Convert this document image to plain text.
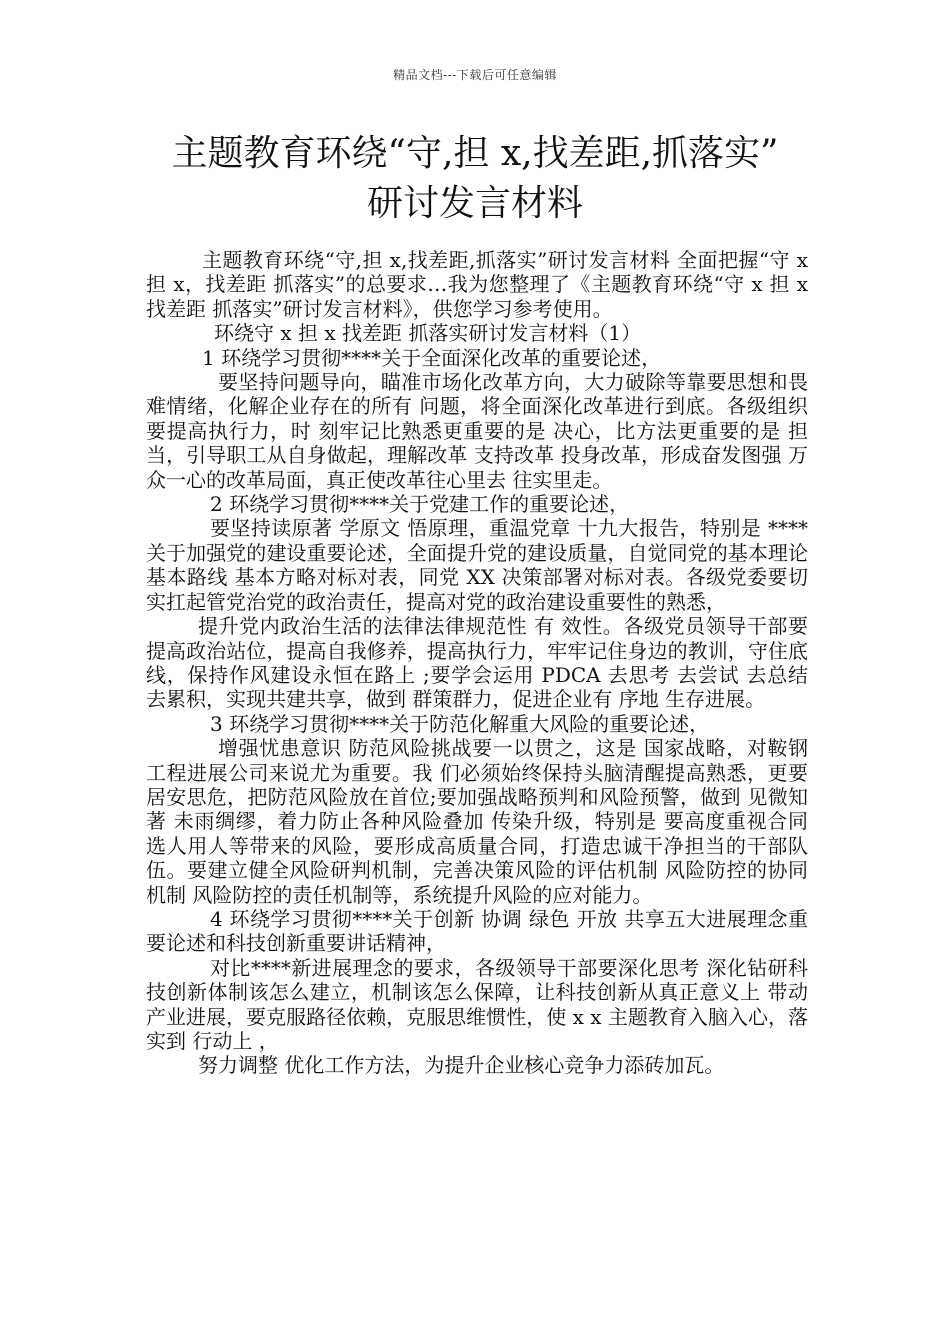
精品文档---下载后可任意编辑
主题教育环绕“守,担 x,找差距,抓落实”
研讨发言材料

主题教育环绕“守,担 x,找差距,抓落实”研讨发言材料 全面把握“守 x 担 x，找差距 抓落实”的总要求…我为您整理了《主题教育环绕“守 x 担 x 找差距 抓落实”研讨发言材料》，供您学习参考使用。

环绕守 x 担 x 找差距 抓落实研讨发言材料（1）

1 环绕学习贯彻****关于全面深化改革的重要论述，

要坚持问题导向，瞄准市场化改革方向，大力破除等靠要思想和畏难情绪，化解企业存在的所有 问题，将全面深化改革进行到底。各级组织要提高执行力，时 刻牢记比熟悉更重要的是 决心，比方法更重要的是 担当，引导职工从自身做起，理解改革 支持改革 投身改革，形成奋发图强 万众一心的改革局面，真正使改革往心里去 往实里走。

2 环绕学习贯彻****关于党建工作的重要论述，

要坚持读原著 学原文 悟原理，重温党章 十九大报告，特别是 ****关于加强党的建设重要论述，全面提升党的建设质量，自觉同党的基本理论 基本路线 基本方略对标对表，同党 XX 决策部署对标对表。各级党委要切实扛起管党治党的政治责任，提高对党的政治建设重要性的熟悉，

提升党内政治生活的法律法律规范性 有 效性。各级党员领导干部要提高政治站位，提高自我修养，提高执行力，牢牢记住身边的教训，守住底线，保持作风建设永恒在路上 ;要学会运用 PDCA 去思考 去尝试 去总结 去累积，实现共建共享，做到 群策群力，促进企业有 序地 生存进展。

3 环绕学习贯彻****关于防范化解重大风险的重要论述，

增强忧患意识 防范风险挑战要一以贯之，这是 国家战略，对鞍钢工程进展公司来说尤为重要。我 们必须始终保持头脑清醒提高熟悉，更要居安思危，把防范风险放在首位;要加强战略预判和风险预警，做到 见微知著 未雨绸缪，着力防止各种风险叠加 传染升级，特别是 要高度重视合同 选人用人等带来的风险，要形成高质量合同，打造忠诚干净担当的干部队伍。要建立健全风险研判机制，完善决策风险的评估机制 风险防控的协同机制 风险防控的责任机制等，系统提升风险的应对能力。

4 环绕学习贯彻****关于创新 协调 绿色 开放 共享五大进展理念重要论述和科技创新重要讲话精神，

对比****新进展理念的要求，各级领导干部要深化思考 深化钻研科技创新体制该怎么建立，机制该怎么保障，让科技创新从真正意义上 带动产业进展，要克服路径依赖，克服思维惯性，使 x x 主题教育入脑入心，落实到 行动上 ，

努力调整 优化工作方法，为提升企业核心竞争力添砖加瓦。
